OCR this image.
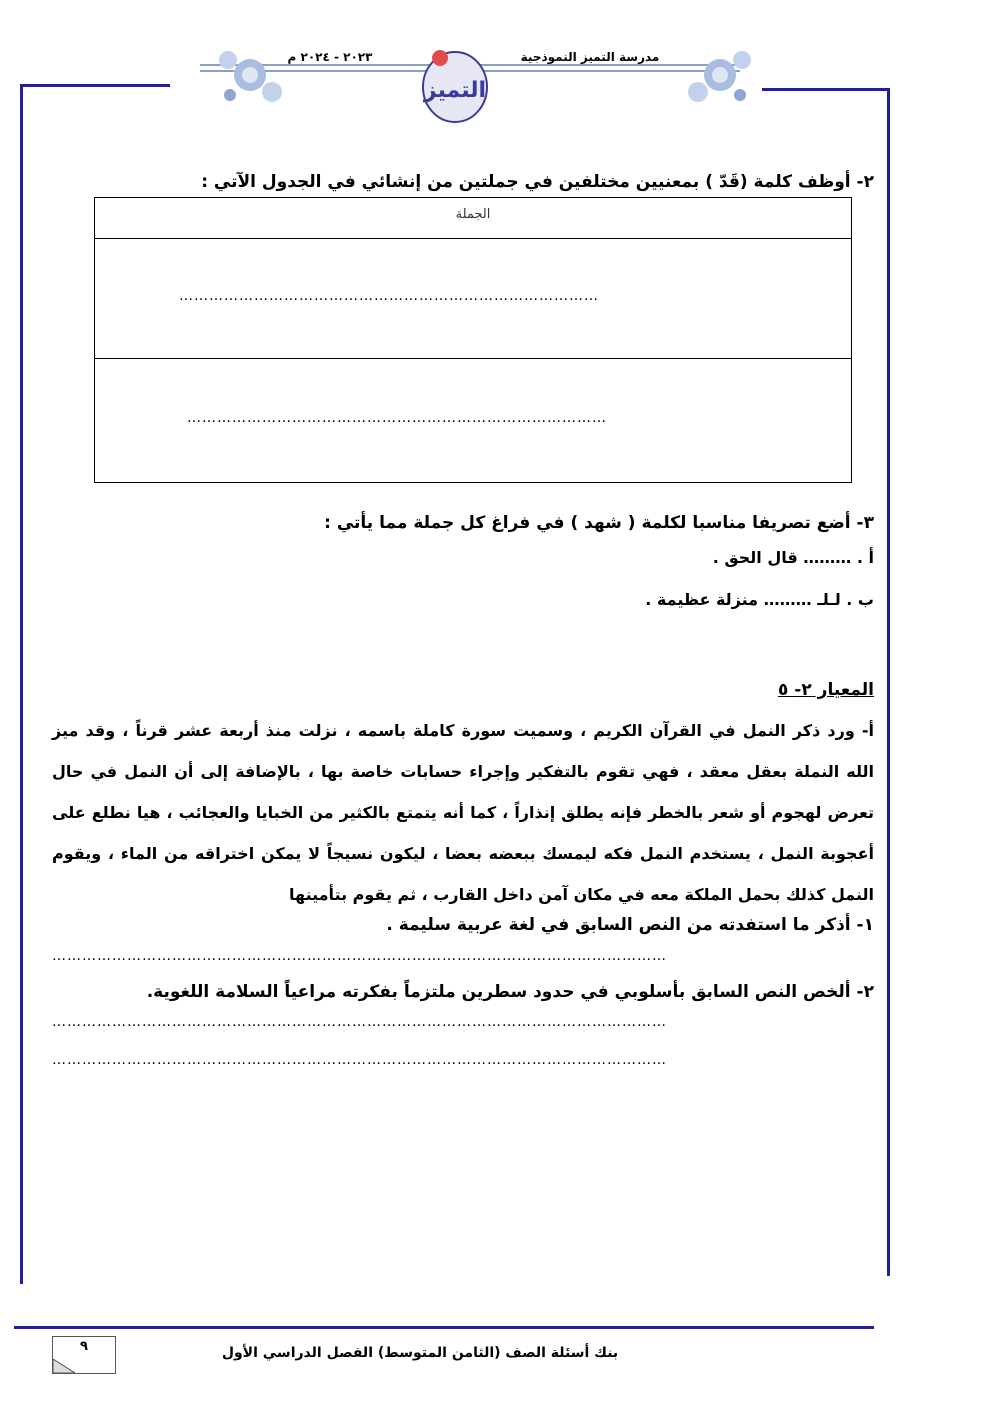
٢٠٢٣ - ٢٠٢٤ م	مدرسة التميز النموذجية
التميز
٢- أوظف كلمة (قَدّ ) بمعنيين مختلفين في جملتين من إنشائي في الجدول الآتي :
الجملة
…………………………………………………………………………
…………………………………………………………………………
٣- أضع تصريفا مناسبا لكلمة ( شهد ) في فراغ كل جملة مما يأتي :
أ . ……… قال الحق .
ب . لـلـ ……… منزلة عظيمة .
المعيار ٢- ٥
أ- ورد ذكر النمل في القرآن الكريم ، وسميت سورة كاملة باسمه ، نزلت منذ أربعة عشر قرناً ، وقد ميز الله النملة بعقل معقد ، فهي تقوم بالتفكير وإجراء حسابات خاصة بها ، بالإضافة إلى أن النمل في حال تعرض لهجوم أو شعر بالخطر فإنه يطلق إنذاراً ، كما أنه يتمتع بالكثير من الخبايا والعجائب ، هيا نطلع على أعجوبة النمل ، يستخدم النمل فكه ليمسك ببعضه بعضا ، ليكون نسيجاً لا يمكن اختراقه من الماء ، ويقوم النمل كذلك بحمل الملكة معه في مكان آمن داخل القارب ، ثم يقوم بتأمينها
١- أذكر ما استفدته من النص السابق في لغة عربية سليمة .
……………………………………………………………………………………………………………
٢- ألخص النص السابق بأسلوبي في حدود سطرين ملتزماً بفكرته مراعياً السلامة اللغوية.
……………………………………………………………………………………………………………
……………………………………………………………………………………………………………
٩	بنك أسئلة الصف (الثامن المتوسط) الفصل الدراسي الأول
